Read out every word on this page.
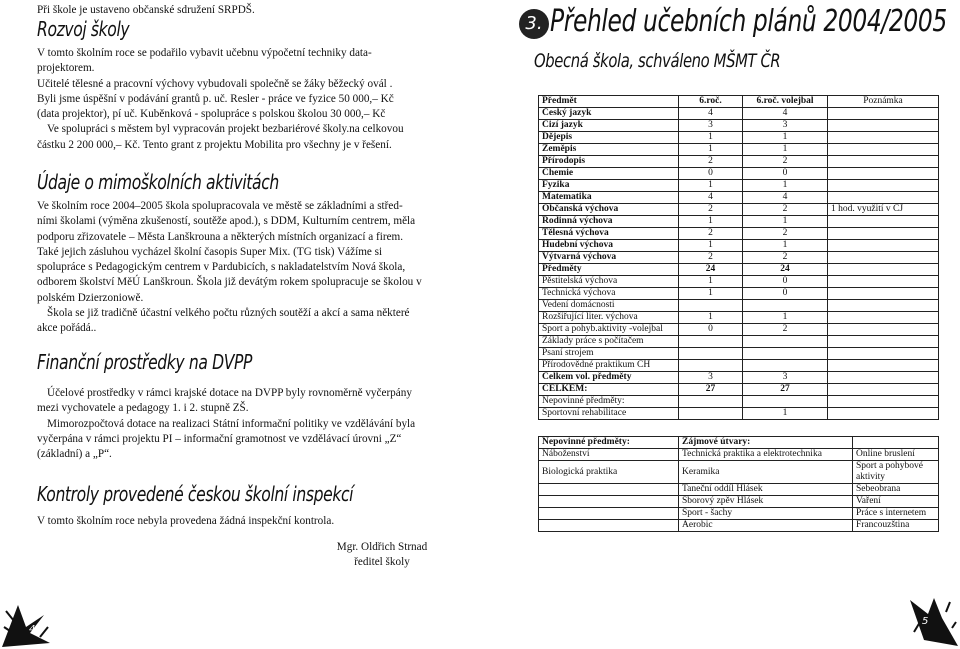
Při škole je ustaveno občanské sdružení SRPDŠ.

Rozvoj školy

V tomto školním roce se podařilo vybavit učebnu výpočetní techniky data-

projektorem.

Učitelé tělesné a pracovní výchovy vybudovali společně se žáky běžecký ovál .

Byli jsme úspěšní v podávání grantů p. uč. Resler - práce ve fyzice 50 000,– Kč

(data projektor), pí uč. Kuběnková - spolupráce s polskou školou 30 000,– Kč

Ve spolupráci s městem byl vypracován projekt bezbariérové školy.na celkovou

částku 2 200 000,– Kč. Tento grant z projektu Mobilita pro všechny je v řešení.

Údaje o mimoškolních aktivitách

Ve školním roce 2004–2005 škola spolupracovala ve městě se základními a střed-

ními školami (výměna zkušeností, soutěže apod.), s DDM, Kulturním centrem, měla

podporu zřizovatele – Města Lanškrouna a některých místních organizací a firem.

Také jejich zásluhou vycházel školní časopis Super Mix. (TG tisk) Vážíme si

spolupráce s Pedagogickým centrem v Pardubicích, s nakladatelstvím Nová škola,

odborem školství MěÚ Lanškroun. Škola již devátým rokem spolupracuje se školou v

polském Dzierzoniowě.

Škola se již tradičně účastní velkého počtu různých soutěží a akcí a sama některé

akce pořádá..

Finanční prostředky na DVPP

Účelové prostředky v rámci krajské dotace na DVPP byly rovnoměrně vyčerpány

mezi vychovatele a pedagogy 1. i 2. stupně ZŠ.

Mimorozpočtová dotace na realizaci Státní informační politiky ve vzdělávání byla

vyčerpána v rámci projektu PI – informační gramotnost ve vzdělávací úrovni „Z“

(základní) a „P“.

Kontroly provedené českou školní inspekcí

V tomto školním roce nebyla provedena žádná inspekční kontrola.

Mgr. Oldřich Strnad
ředitel školy
4
3. Přehled učebních plánů 2004/2005
Obecná škola, schváleno MŠMT ČR
Předmět	6.roč.	6.roč. volejbal	Poznámka
Český jazyk	4	4	
Cizí jazyk	3	3	
Dějepis	1	1	
Zeměpis	1	1	
Přírodopis	2	2	
Chemie	0	0	
Fyzika	1	1	
Matematika	4	4	
Občanská výchova	2	2	1 hod. využití v CJ
Rodinná výchova	1	1	
Tělesná výchova	2	2	
Hudební výchova	1	1	
Výtvarná výchova	2	2	
Předměty	24	24	
Pěstitelská výchova	1	0	
Technická výchova	1	0	
Vedení domácnosti			
Rozšiřující liter. výchova	1	1	
Sport a pohyb.aktivity -volejbal	0	2	
Základy práce s počítačem			
Psaní strojem			
Přírodovědné praktikum CH			
Celkem vol. předměty	3	3	
CELKEM:	27	27	
Nepovinné předměty:			
Sportovní rehabilitace		1	
Nepovinné předměty:	Zájmové útvary:	
Náboženství	Technická praktika a elektrotechnika	Online bruslení
Biologická praktika	Keramika	Sport a pohybové aktivity
	Taneční oddíl Hlásek	Sebeobrana
	Sborový zpěv Hlásek	Vaření
	Sport - šachy	Práce s internetem
	Aerobic	Francouzština
5
